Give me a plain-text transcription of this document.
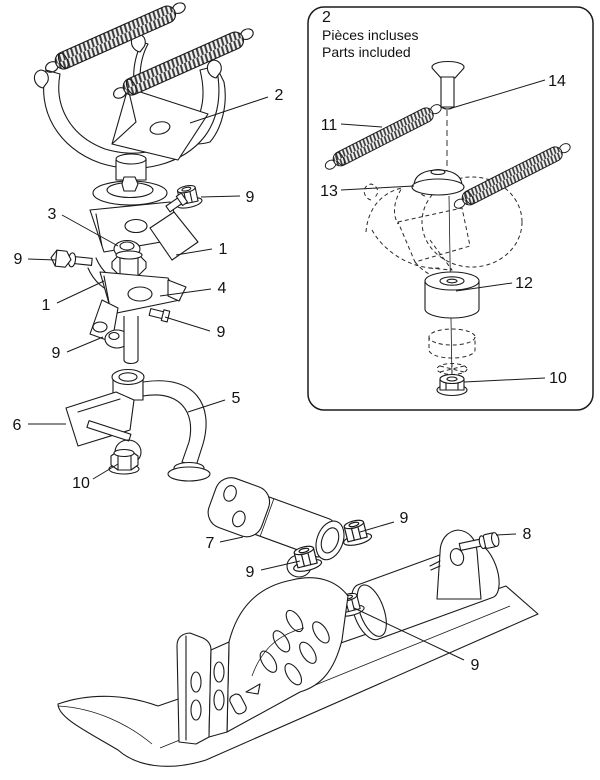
2
Pièces incluses
Parts included
14
11
13
12
10
2
9
3
1
9
1
4
9
9
5
6
10
7
9
8
9
9
